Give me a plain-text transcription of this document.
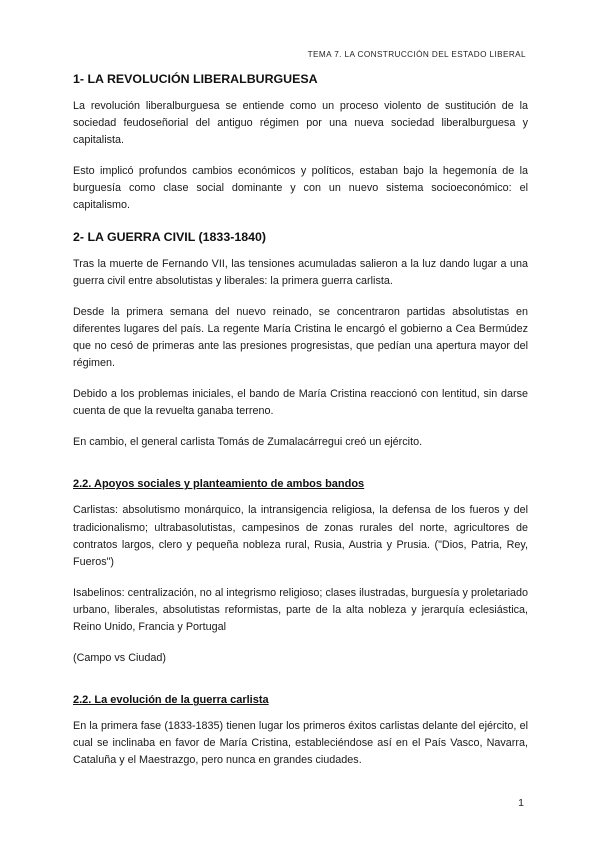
TEMA 7. LA CONSTRUCCIÓN DEL ESTADO LIBERAL
1- LA REVOLUCIÓN LIBERALBURGUESA

La revolución liberalburguesa se entiende como un proceso violento de sustitución de la sociedad feudoseñorial del antiguo régimen por una nueva sociedad liberalburguesa y capitalista.

Esto implicó profundos cambios económicos y políticos, estaban bajo la hegemonía de la burguesía como clase social dominante y con un nuevo sistema socioeconómico: el capitalismo.

2- LA GUERRA CIVIL (1833-1840)

Tras la muerte de Fernando VII, las tensiones acumuladas salieron a la luz dando lugar a una guerra civil entre absolutistas y liberales: la primera guerra carlista.

Desde la primera semana del nuevo reinado, se concentraron partidas absolutistas en diferentes lugares del país. La regente María Cristina le encargó el gobierno a Cea Bermúdez que no cesó de primeras ante las presiones progresistas, que pedían una apertura mayor del régimen.

Debido a los problemas iniciales, el bando de María Cristina reaccionó con lentitud, sin darse cuenta de que la revuelta ganaba terreno.

En cambio, el general carlista Tomás de Zumalacárregui creó un ejército.

2.2. Apoyos sociales y planteamiento de ambos bandos

Carlistas: absolutismo monárquico, la intransigencia religiosa, la defensa de los fueros y del tradicionalismo; ultrabasolutistas, campesinos de zonas rurales del norte, agricultores de contratos largos, clero y pequeña nobleza rural, Rusia, Austria y Prusia. ("Dios, Patria, Rey, Fueros")

Isabelinos: centralización, no al integrismo religioso; clases ilustradas, burguesía y proletariado urbano, liberales, absolutistas reformistas, parte de la alta nobleza y jerarquía eclesiástica, Reino Unido, Francia y Portugal

(Campo vs Ciudad)

2.2. La evolución de la guerra carlista

En la primera fase (1833-1835) tienen lugar los primeros éxitos carlistas delante del ejército, el cual se inclinaba en favor de María Cristina, estableciéndose así en el País Vasco, Navarra, Cataluña y el Maestrazgo, pero nunca en grandes ciudades.

1
